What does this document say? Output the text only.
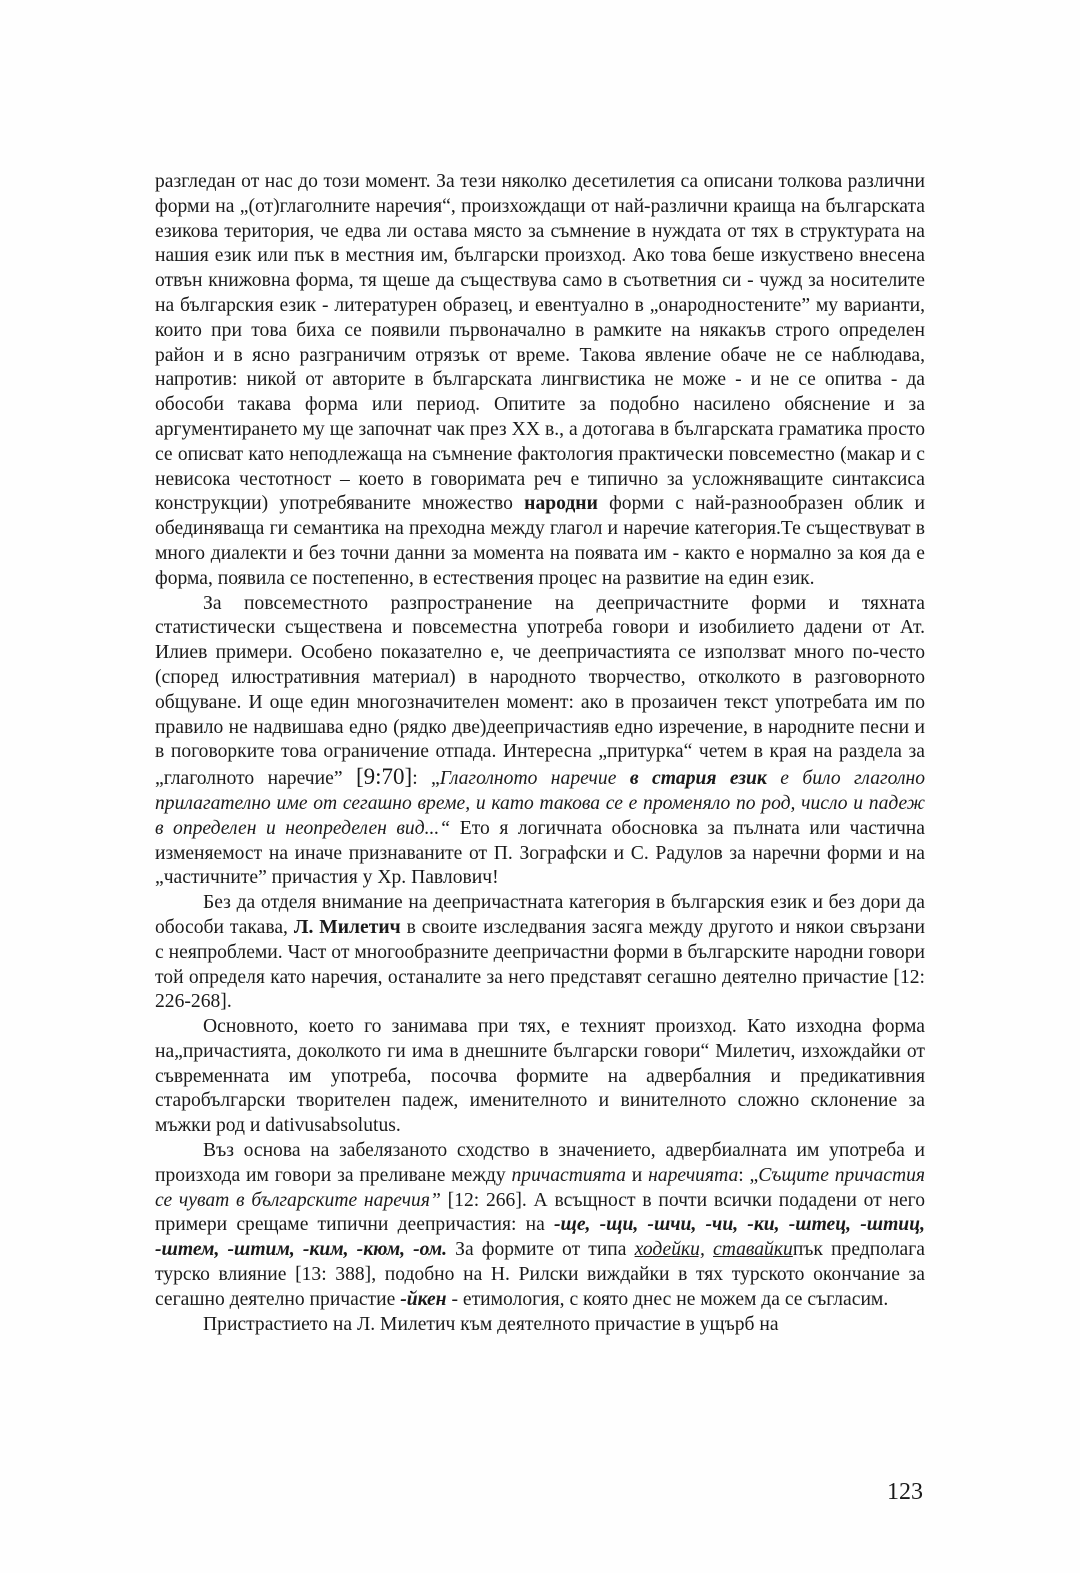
разгледан от нас до този момент. За тези няколко десетилетия са описани толкова различни форми на „(от)глаголните наречия“, произхождащи от най-различни краища на българската езикова територия, че едва ли остава място за съмнение в нуждата от тях в структурата на нашия език или пък в местния им, български произход. Ако това беше изкуствено внесена отвън книжовна форма, тя щеше да съществува само в съответния си - чужд за носителите на българския език - литературен образец, и евентуално в „онародностените” му варианти, които при това биха се появили първоначално в рамките на някакъв строго определен район и в ясно разграничим отрязък от време. Такова явление обаче не се наблюдава, напротив: никой от авторите в българската лингвистика не може - и не се опитва - да обособи такава форма или период. Опитите за подобно насилено обяснение и за аргументирането му ще започнат чак през XX в., а дотогава в българската граматика просто се описват като неподлежаща на съмнение фактология практически повсеместно (макар и с невисока честотност – което в говоримата реч е типично за усложняващите синтаксиса конструкции) употребяваните множество народни форми с най-разнообразен облик и обединяваща ги семантика на преходна между глагол и наречие категория.Те съществуват в много диалекти и без точни данни за момента на появата им - както е нормално за коя да е форма, появила се постепенно, в естествения процес на развитие на един език.

За повсеместното разпространение на деепричастните форми и тяхната статистически съществена и повсеместна употреба говори и изобилието дадени от Ат. Илиев примери. Особено показателно е, че деепричастията се използват много по-често (според илюстративния материал) в народното творчество, отколкото в разговорното общуване. И още един многозначителен момент: ако в прозаичен текст употребата им по правило не надвишава едно (рядко две)деепричастияв едно изречение, в народните песни и в поговорките това ограничение отпада. Интересна „притурка“ четем в края на раздела за „глаголното наречие” [9:70]: „Глаголното наречие в стария език е било глаголно прилагателно име от сегашно време, и като такова се е променяло по род, число и падеж в определен и неопределен вид...“ Ето я логичната обосновка за пълната или частична изменяемост на иначе признаваните от П. Зографски и С. Радулов за наречни форми и на „частичните” причастия у Хр. Павлович!

Без да отделя внимание на деепричастната категория в българския език и без дори да обособи такава, Л. Милетич в своите изследвания засяга между другото и някои свързани с неяпроблеми. Част от многообразните деепричастни форми в българските народни говори той определя като наречия, останалите за него представят сегашно деятелно причастие [12: 226-268].

Основното, което го занимава при тях, е техният произход. Като изходна форма на„причастията, доколкото ги има в днешните български говори“ Милетич, изхождайки от съвременната им употреба, посочва формите на адвербалния и предикативния старобългарски творителен падеж, именителното и винителното сложно склонение за мъжки род и dativusabsolutus.

Въз основа на забелязаното сходство в значението, адвербиалната им употреба и произхода им говори за преливане между причастията и наречията: „Същите причастия се чуват в българските наречия” [12: 266]. А всъщност в почти всички подадени от него примери срещаме типични деепричастия: на -ще, -щи, -шчи, -чи, -ки, -штец, -штиц, -штем, -штим, -ким, -кюм, -ом. За формите от типа ходейки, ставайкипък предполага турско влияние [13: 388], подобно на Н. Рилски виждайки в тях турското окончание за сегашно деятелно причастие -йкен - етимология, с която днес не можем да се съгласим.

Пристрастието на Л. Милетич към деятелното причастие в ущърб на

123
